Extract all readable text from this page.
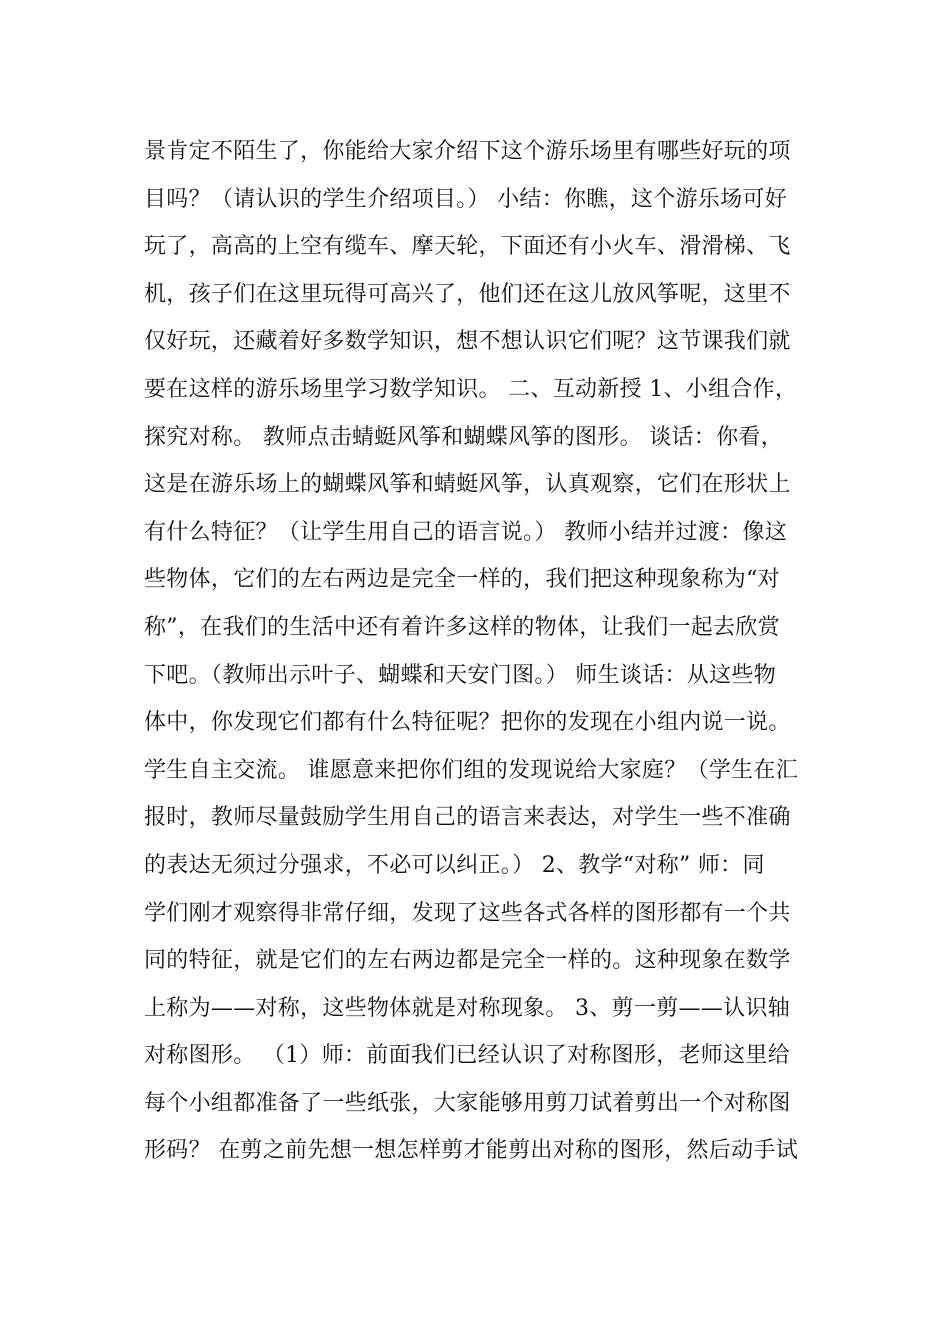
景肯定不陌生了，你能给大家介绍下这个游乐场里有哪些好玩的项
目吗？（请认识的学生介绍项目。） 小结：你瞧，这个游乐场可好
玩了，高高的上空有缆车、摩天轮，下面还有小火车、滑滑梯、飞
机，孩子们在这里玩得可高兴了，他们还在这儿放风筝呢，这里不
仅好玩，还藏着好多数学知识，想不想认识它们呢？这节课我们就
要在这样的游乐场里学习数学知识。 二、互动新授 1、小组合作，
探究对称。 教师点击蜻蜓风筝和蝴蝶风筝的图形。 谈话：你看，
这是在游乐场上的蝴蝶风筝和蜻蜓风筝，认真观察，它们在形状上
有什么特征？（让学生用自己的语言说。） 教师小结并过渡：像这
些物体，它们的左右两边是完全一样的，我们把这种现象称为“对
称”，在我们的生活中还有着许多这样的物体，让我们一起去欣赏
下吧。（教师出示叶子、蝴蝶和天安门图。） 师生谈话：从这些物
体中，你发现它们都有什么特征呢？把你的发现在小组内说一说。
学生自主交流。 谁愿意来把你们组的发现说给大家庭？（学生在汇
报时，教师尽量鼓励学生用自己的语言来表达，对学生一些不准确
的表达无须过分强求，不必可以纠正。） 2、教学“对称” 师：同
学们刚才观察得非常仔细，发现了这些各式各样的图形都有一个共
同的特征，就是它们的左右两边都是完全一样的。这种现象在数学
上称为——对称，这些物体就是对称现象。 3、剪一剪——认识轴
对称图形。 （1）师：前面我们已经认识了对称图形，老师这里给
每个小组都准备了一些纸张，大家能够用剪刀试着剪出一个对称图
形码？ 在剪之前先想一想怎样剪才能剪出对称的图形，然后动手试
